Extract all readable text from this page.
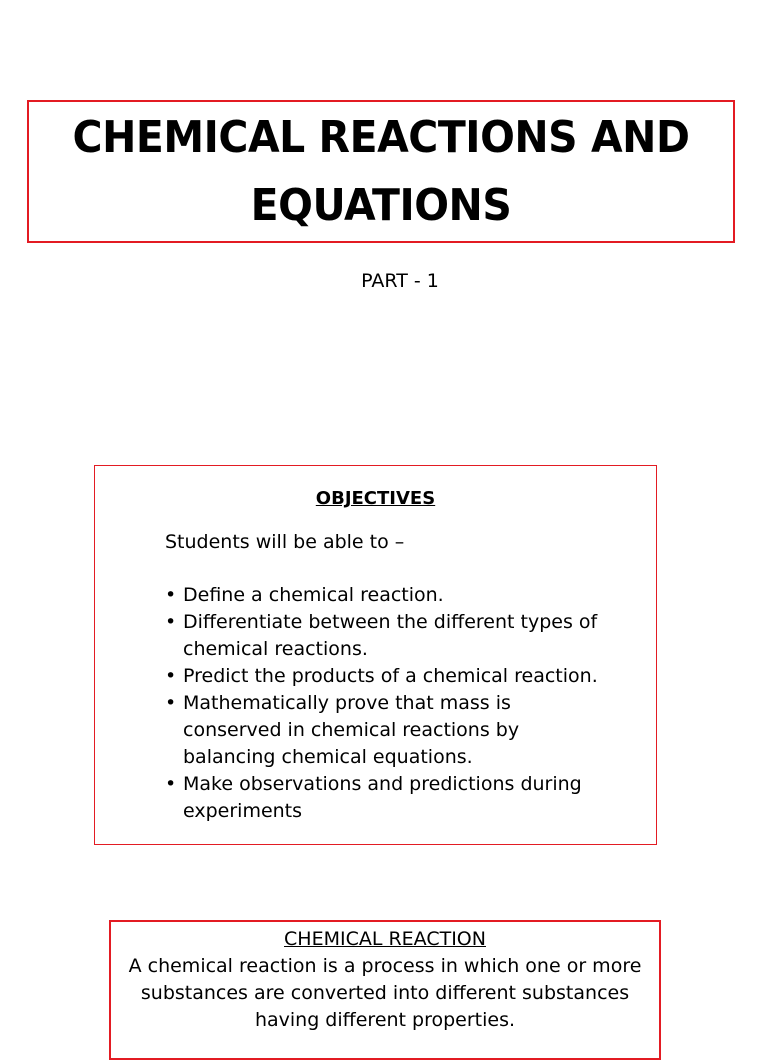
CHEMICAL REACTIONS AND EQUATIONS
PART - 1
OBJECTIVES
Students will be able to –
• Define a chemical reaction.
• Differentiate between the different types of chemical reactions.
• Predict the products of a chemical reaction.
• Mathematically prove that mass is conserved in chemical reactions by balancing chemical equations.
• Make observations and predictions during experiments
CHEMICAL REACTION
A chemical reaction is a process in which one or more substances are converted into different substances having different properties.
